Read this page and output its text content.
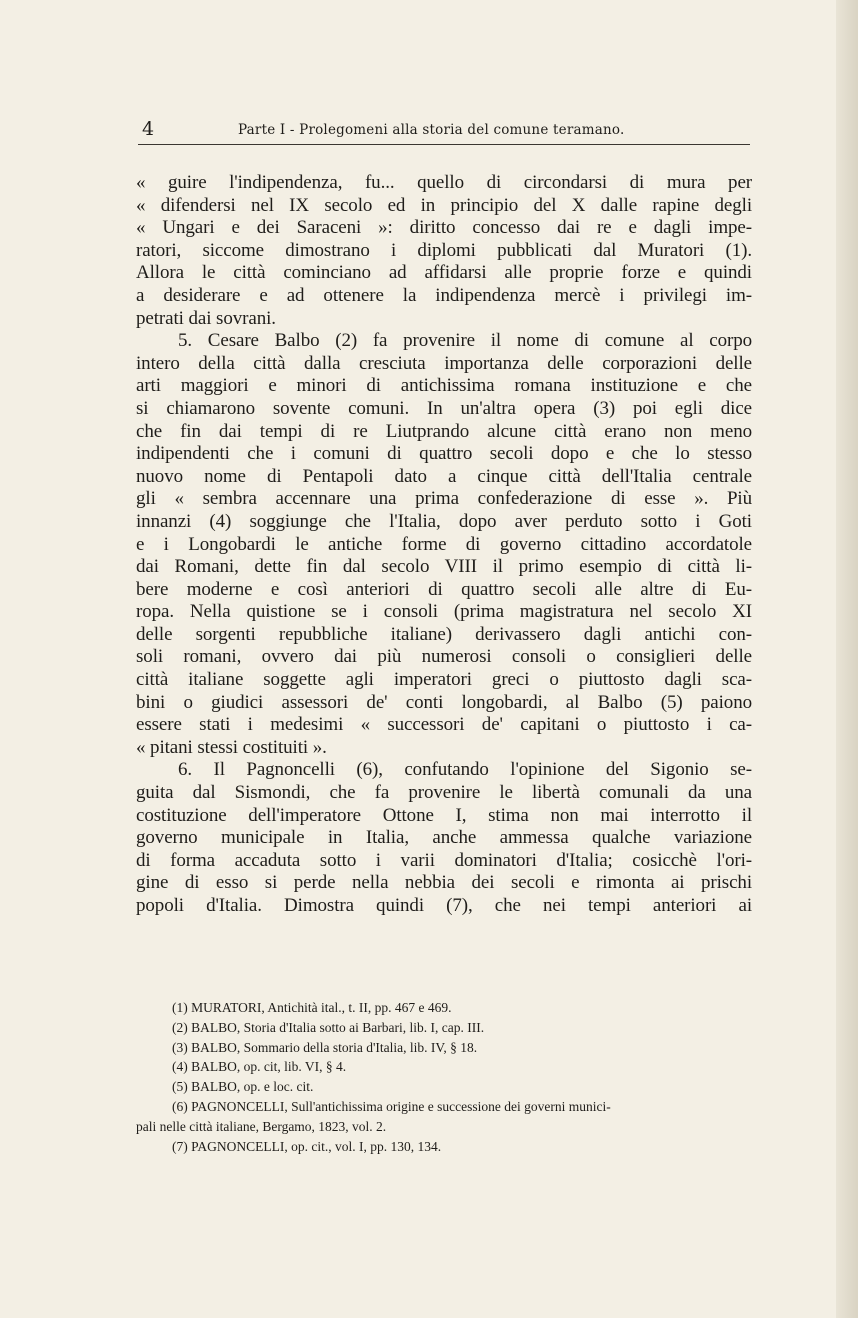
4	Parte I - Prolegomeni alla storia del comune teramano.
« guire l'indipendenza, fu... quello di circondarsi di mura per
« difendersi nel IX secolo ed in principio del X dalle rapine degli
« Ungari e dei Saraceni »: diritto concesso dai re e dagli impe-
ratori, siccome dimostrano i diplomi pubblicati dal Muratori (1).
Allora le città cominciano ad affidarsi alle proprie forze e quindi
a desiderare e ad ottenere la indipendenza mercè i privilegi im-
petrati dai sovrani.
5. Cesare Balbo (2) fa provenire il nome di comune al corpo
intero della città dalla cresciuta importanza delle corporazioni delle
arti maggiori e minori di antichissima romana instituzione e che
si chiamarono sovente comuni. In un'altra opera (3) poi egli dice
che fin dai tempi di re Liutprando alcune città erano non meno
indipendenti che i comuni di quattro secoli dopo e che lo stesso
nuovo nome di Pentapoli dato a cinque città dell'Italia centrale
gli « sembra accennare una prima confederazione di esse ». Più
innanzi (4) soggiunge che l'Italia, dopo aver perduto sotto i Goti
e i Longobardi le antiche forme di governo cittadino accordatole
dai Romani, dette fin dal secolo VIII il primo esempio di città li-
bere moderne e così anteriori di quattro secoli alle altre di Eu-
ropa. Nella quistione se i consoli (prima magistratura nel secolo XI
delle sorgenti repubbliche italiane) derivassero dagli antichi con-
soli romani, ovvero dai più numerosi consoli o consiglieri delle
città italiane soggette agli imperatori greci o piuttosto dagli sca-
bini o giudici assessori de' conti longobardi, al Balbo (5) paiono
essere stati i medesimi « successori de' capitani o piuttosto i ca-
« pitani stessi costituiti ».
6. Il Pagnoncelli (6), confutando l'opinione del Sigonio se-
guita dal Sismondi, che fa provenire le libertà comunali da una
costituzione dell'imperatore Ottone I, stima non mai interrotto il
governo municipale in Italia, anche ammessa qualche variazione
di forma accaduta sotto i varii dominatori d'Italia; cosicchè l'ori-
gine di esso si perde nella nebbia dei secoli e rimonta ai prischi
popoli d'Italia. Dimostra quindi (7), che nei tempi anteriori ai
(1) MURATORI, Antichità ital., t. II, pp. 467 e 469.
(2) BALBO, Storia d'Italia sotto ai Barbari, lib. I, cap. III.
(3) BALBO, Sommario della storia d'Italia, lib. IV, § 18.
(4) BALBO, op. cit, lib. VI, § 4.
(5) BALBO, op. e loc. cit.
(6) PAGNONCELLI, Sull'antichissima origine e successione dei governi munici-
pali nelle città italiane, Bergamo, 1823, vol. 2.
(7) PAGNONCELLI, op. cit., vol. I, pp. 130, 134.
